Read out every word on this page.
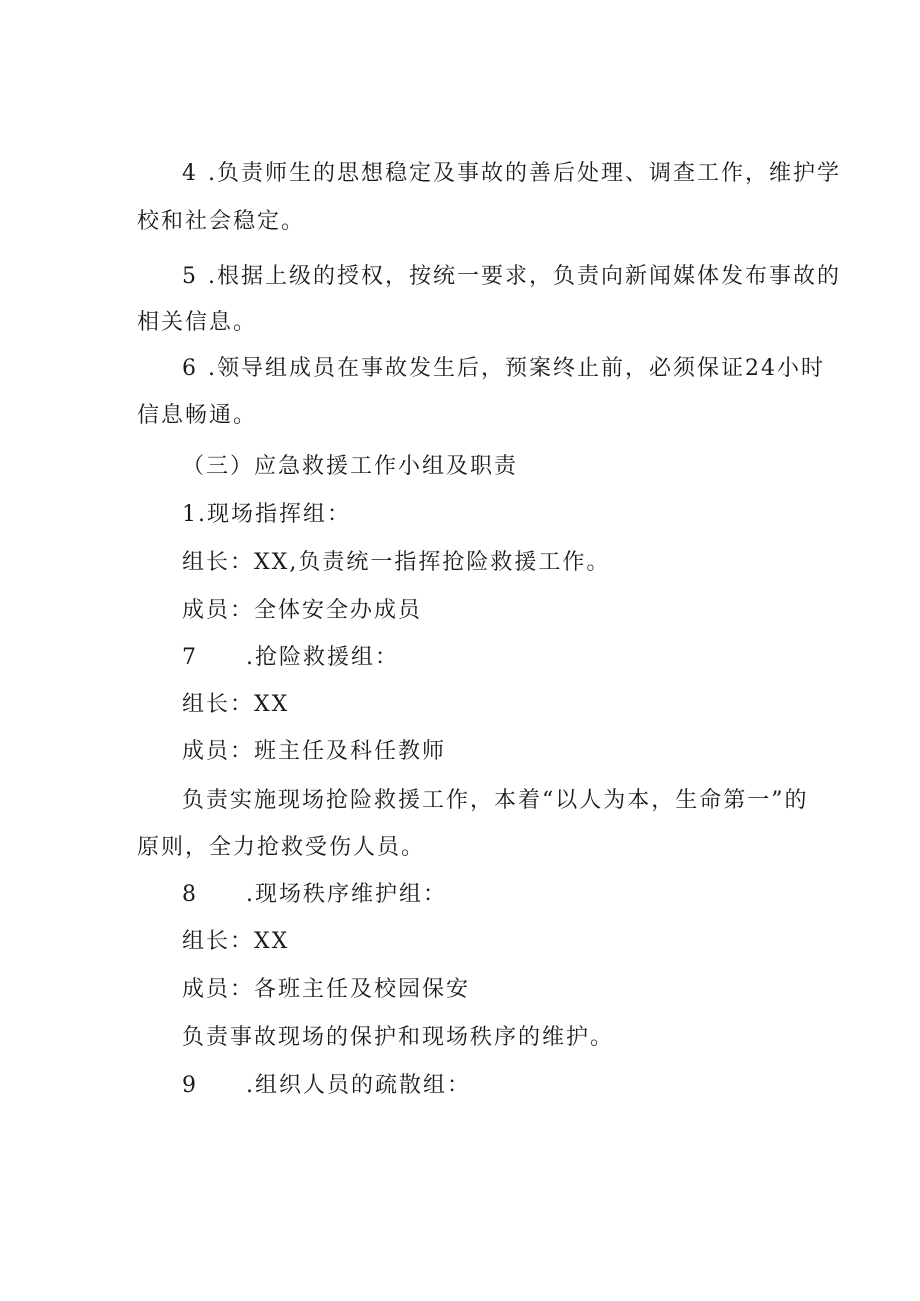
4 .负责师生的思想稳定及事故的善后处理、调查工作，维护学
校和社会稳定。
5 .根据上级的授权，按统一要求，负责向新闻媒体发布事故的
相关信息。
6 .领导组成员在事故发生后，预案终止前，必须保证24小时
信息畅通。
（三）应急救援工作小组及职责
1.现场指挥组：
组长：XX,负责统一指挥抢险救援工作。
成员：全体安全办成员
7 .抢险救援组：
组长：XX
成员：班主任及科任教师
负责实施现场抢险救援工作，本着“以人为本，生命第一”的
原则，全力抢救受伤人员。
8 .现场秩序维护组：
组长：XX
成员：各班主任及校园保安
负责事故现场的保护和现场秩序的维护。
9 .组织人员的疏散组：
